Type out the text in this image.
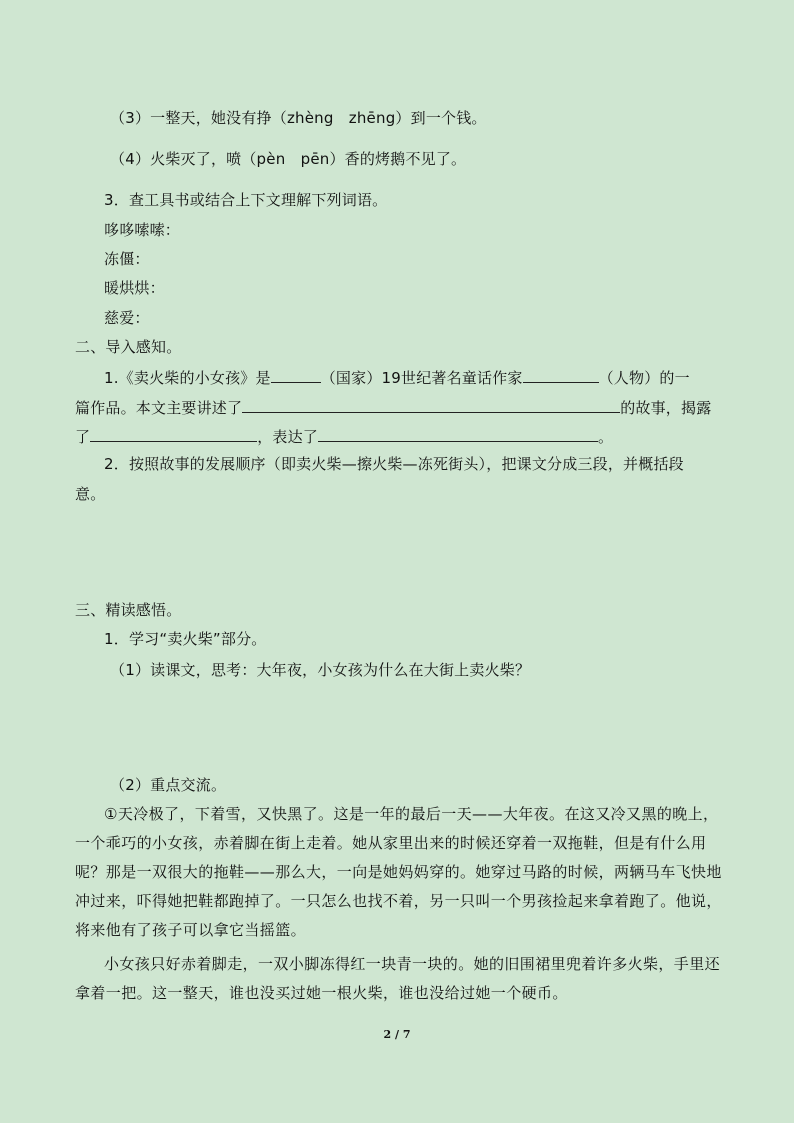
（3）一整天，她没有挣（zhèng　zhēng）到一个钱。
（4）火柴灭了，喷（pèn　pēn）香的烤鹅不见了。
3．查工具书或结合上下文理解下列词语。
哆哆嗦嗦：
冻僵：
暖烘烘：
慈爱：
二、导入感知。
1.《卖火柴的小女孩》是	（国家）19世纪著名童话作家	（人物）的一
篇作品。本文主要讲述了	的故事，揭露
了	，表达了	。
2．按照故事的发展顺序（即卖火柴—擦火柴—冻死街头），把课文分成三段，并概括段
意。
三、精读感悟。
1．学习“卖火柴”部分。
（1）读课文，思考：大年夜，小女孩为什么在大街上卖火柴？
（2）重点交流。
①天冷极了，下着雪，又快黑了。这是一年的最后一天——大年夜。在这又冷又黑的晚上，一个乖巧的小女孩，赤着脚在街上走着。她从家里出来的时候还穿着一双拖鞋，但是有什么用呢？那是一双很大的拖鞋——那么大，一向是她妈妈穿的。她穿过马路的时候，两辆马车飞快地冲过来，吓得她把鞋都跑掉了。一只怎么也找不着，另一只叫一个男孩捡起来拿着跑了。他说，将来他有了孩子可以拿它当摇篮。
小女孩只好赤着脚走，一双小脚冻得红一块青一块的。她的旧围裙里兜着许多火柴，手里还拿着一把。这一整天，谁也没买过她一根火柴，谁也没给过她一个硬币。
2 / 7
